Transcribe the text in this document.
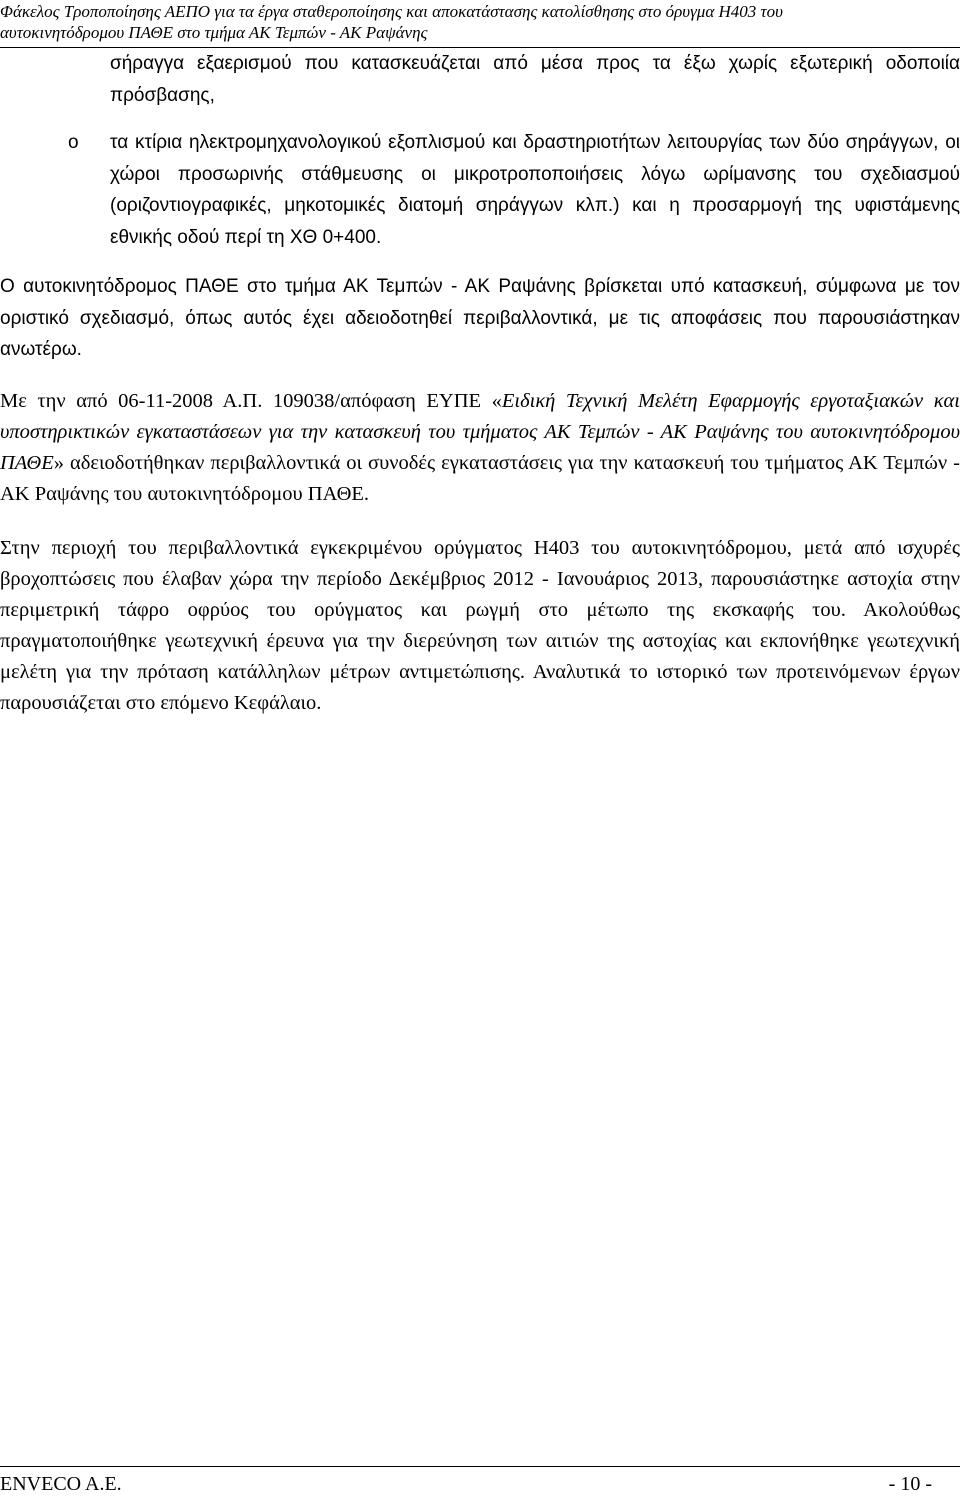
Φάκελος Τροποποίησης ΑΕΠΟ για τα έργα σταθεροποίησης και αποκατάστασης κατολίσθησης στο όρυγμα Η403 του
αυτοκινητόδρομου ΠΑΘΕ στο τμήμα ΑΚ Τεμπών - ΑΚ Ραψάνης

σήραγγα εξαερισμού που κατασκευάζεται από μέσα προς τα έξω χωρίς εξωτερική οδοποιία πρόσβασης,

o τα κτίρια ηλεκτρομηχανολογικού εξοπλισμού και δραστηριοτήτων λειτουργίας των δύο σηράγγων, οι χώροι προσωρινής στάθμευσης οι μικροτροποποιήσεις λόγω ωρίμανσης του σχεδιασμού (οριζοντιογραφικές, μηκοτομικές διατομή σηράγγων κλπ.) και η προσαρμογή της υφιστάμενης εθνικής οδού περί τη ΧΘ 0+400.

Ο αυτοκινητόδρομος ΠΑΘΕ στο τμήμα ΑΚ Τεμπών - ΑΚ Ραψάνης βρίσκεται υπό κατασκευή, σύμφωνα με τον οριστικό σχεδιασμό, όπως αυτός έχει αδειοδοτηθεί περιβαλλοντικά, με τις αποφάσεις που παρουσιάστηκαν ανωτέρω.

Με την από 06-11-2008 Α.Π. 109038/απόφαση ΕΥΠΕ «Ειδική Τεχνική Μελέτη Εφαρμογής εργοταξιακών και υποστηρικτικών εγκαταστάσεων για την κατασκευή του τμήματος ΑΚ Τεμπών - ΑΚ Ραψάνης του αυτοκινητόδρομου ΠΑΘΕ» αδειοδοτήθηκαν περιβαλλοντικά οι συνοδές εγκαταστάσεις για την κατασκευή του τμήματος ΑΚ Τεμπών - ΑΚ Ραψάνης του αυτοκινητόδρομου ΠΑΘΕ.

Στην περιοχή του περιβαλλοντικά εγκεκριμένου ορύγματος Η403 του αυτοκινητόδρομου, μετά από ισχυρές βροχοπτώσεις που έλαβαν χώρα την περίοδο Δεκέμβριος 2012 - Ιανουάριος 2013, παρουσιάστηκε αστοχία στην περιμετρική τάφρο οφρύος του ορύγματος και ρωγμή στο μέτωπο της εκσκαφής του. Ακολούθως πραγματοποιήθηκε γεωτεχνική έρευνα για την διερεύνηση των αιτιών της αστοχίας και εκπονήθηκε γεωτεχνική μελέτη για την πρόταση κατάλληλων μέτρων αντιμετώπισης. Αναλυτικά το ιστορικό των προτεινόμενων έργων παρουσιάζεται στο επόμενο Κεφάλαιο.

ENVECO A.E.	- 10 -
